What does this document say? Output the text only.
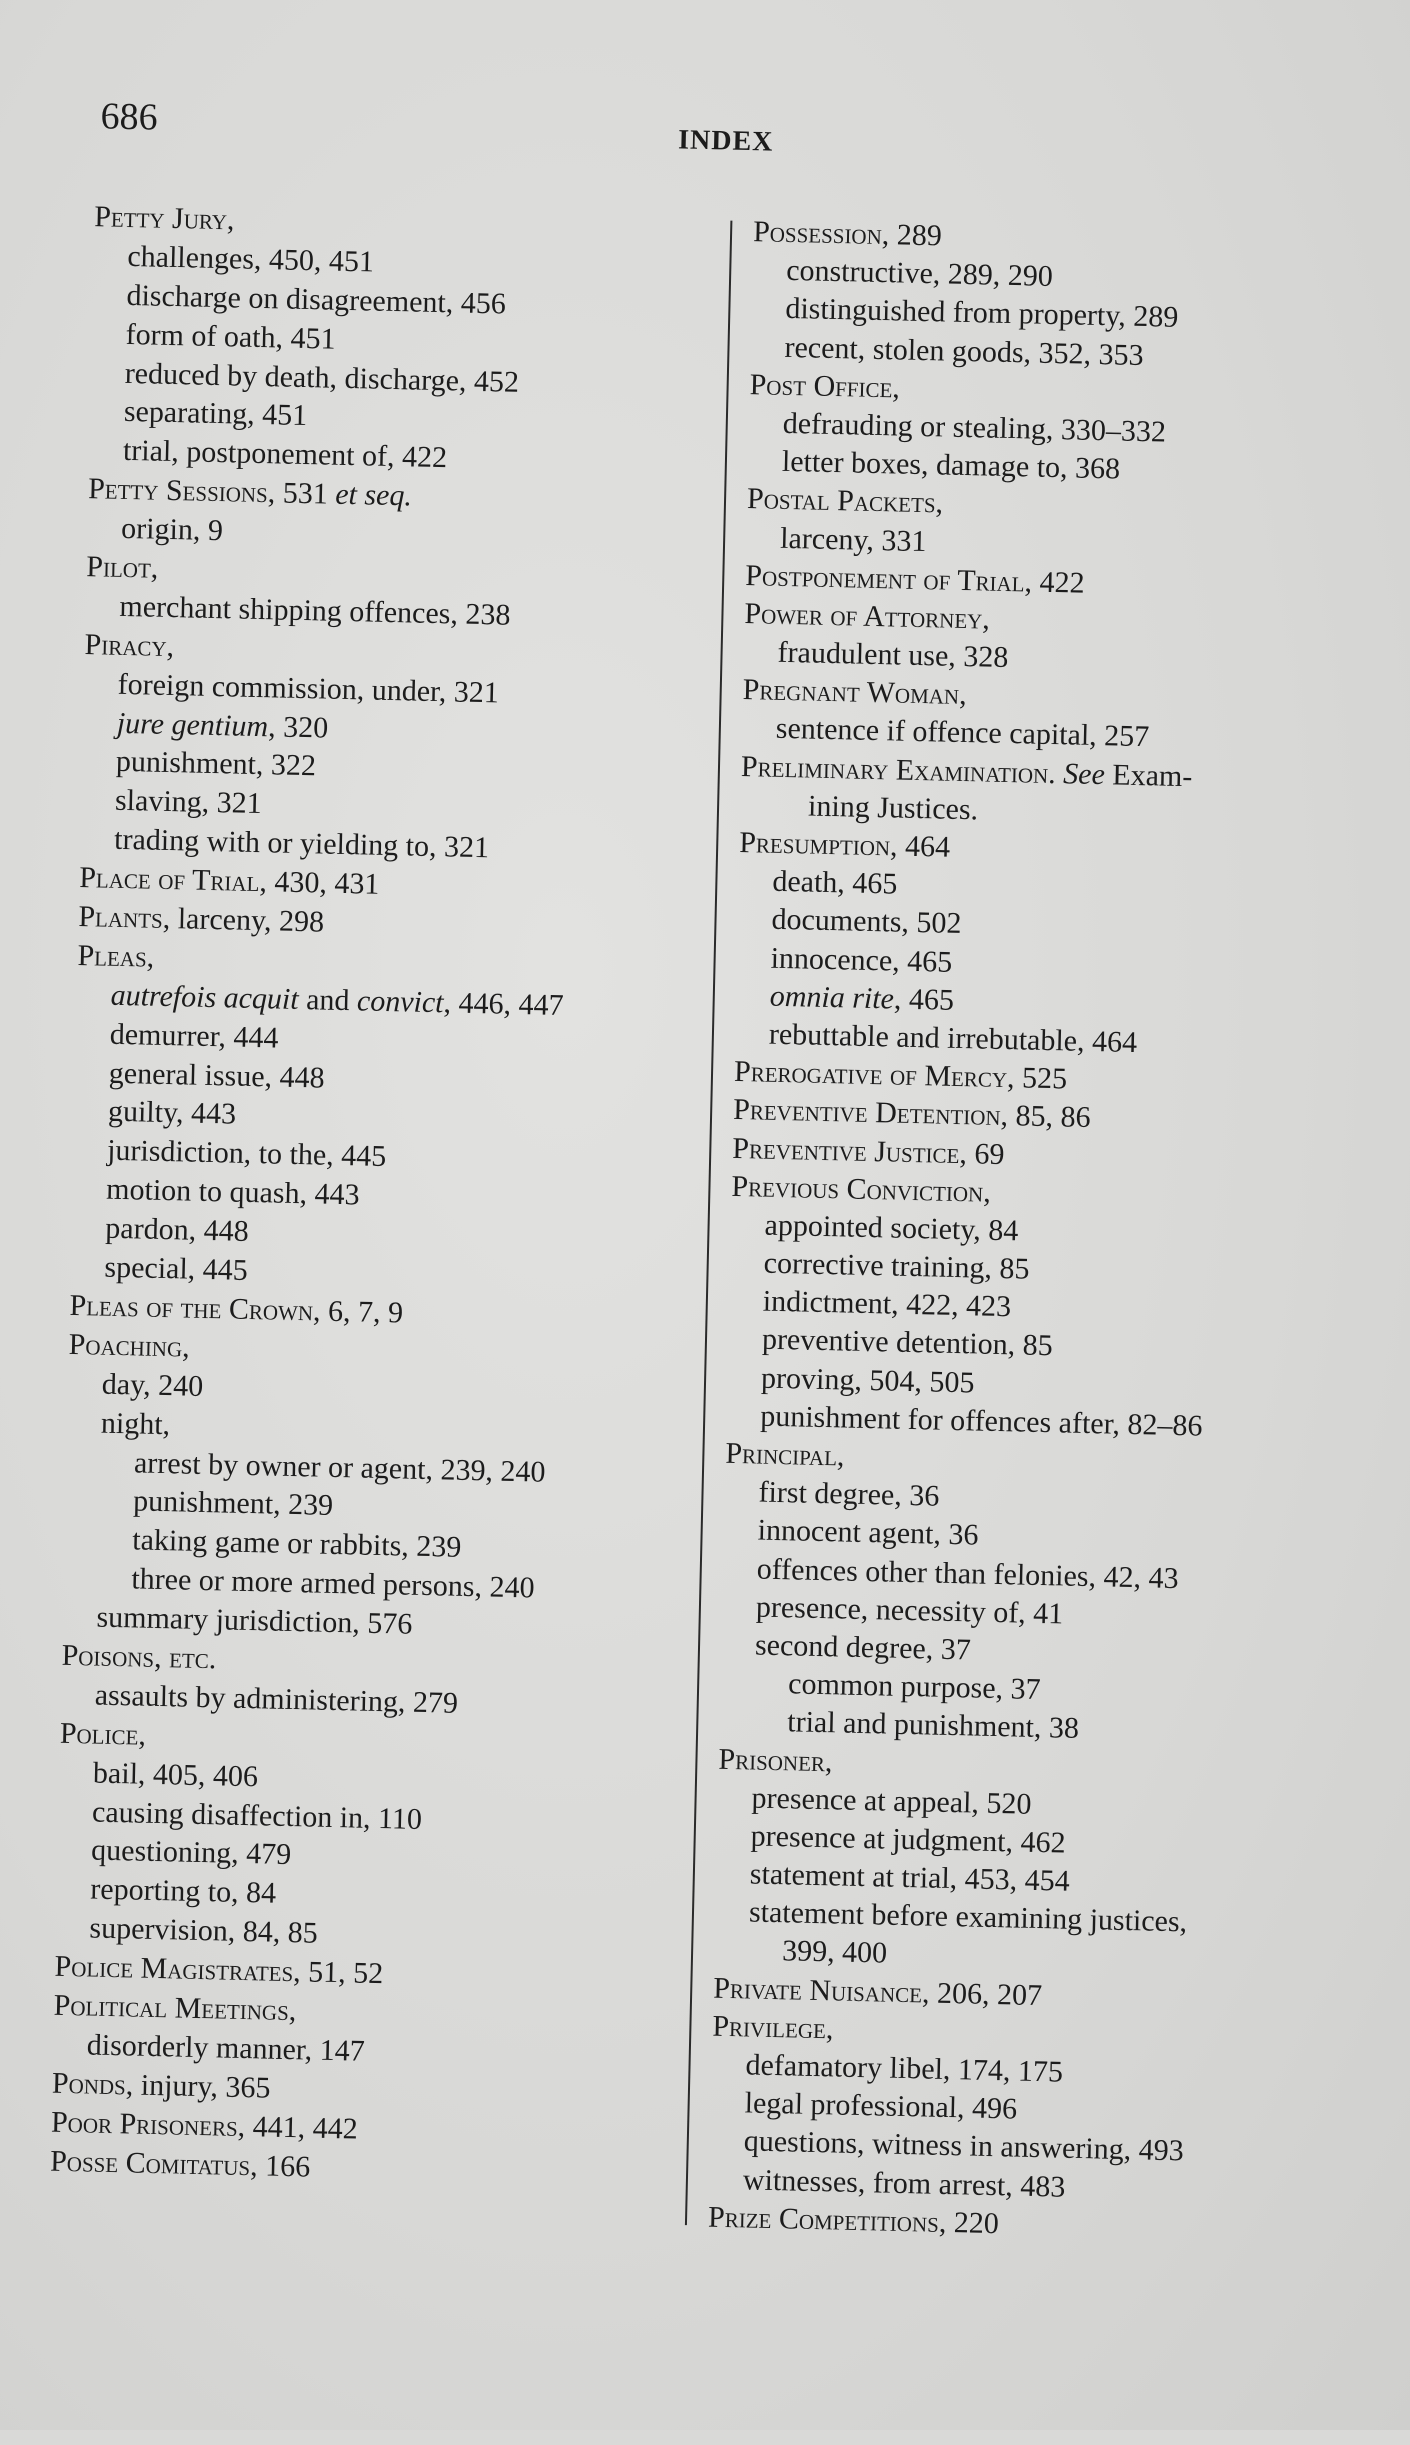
686
INDEX
Petty Jury,
challenges, 450, 451
discharge on disagreement, 456
form of oath, 451
reduced by death, discharge, 452
separating, 451
trial, postponement of, 422
Petty Sessions, 531 et seq.
origin, 9
Pilot,
merchant shipping offences, 238
Piracy,
foreign commission, under, 321
jure gentium, 320
punishment, 322
slaving, 321
trading with or yielding to, 321
Place of Trial, 430, 431
Plants, larceny, 298
Pleas,
autrefois acquit and convict, 446, 447
demurrer, 444
general issue, 448
guilty, 443
jurisdiction, to the, 445
motion to quash, 443
pardon, 448
special, 445
Pleas of the Crown, 6, 7, 9
Poaching,
day, 240
night,
arrest by owner or agent, 239, 240
punishment, 239
taking game or rabbits, 239
three or more armed persons, 240
summary jurisdiction, 576
Poisons, etc.
assaults by administering, 279
Police,
bail, 405, 406
causing disaffection in, 110
questioning, 479
reporting to, 84
supervision, 84, 85
Police Magistrates, 51, 52
Political Meetings,
disorderly manner, 147
Ponds, injury, 365
Poor Prisoners, 441, 442
Posse Comitatus, 166
Possession, 289
constructive, 289, 290
distinguished from property, 289
recent, stolen goods, 352, 353
Post Office,
defrauding or stealing, 330–332
letter boxes, damage to, 368
Postal Packets,
larceny, 331
Postponement of Trial, 422
Power of Attorney,
fraudulent use, 328
Pregnant Woman,
sentence if offence capital, 257
Preliminary Examination. See Exam-
ining Justices.
Presumption, 464
death, 465
documents, 502
innocence, 465
omnia rite, 465
rebuttable and irrebutable, 464
Prerogative of Mercy, 525
Preventive Detention, 85, 86
Preventive Justice, 69
Previous Conviction,
appointed society, 84
corrective training, 85
indictment, 422, 423
preventive detention, 85
proving, 504, 505
punishment for offences after, 82–86
Principal,
first degree, 36
innocent agent, 36
offences other than felonies, 42, 43
presence, necessity of, 41
second degree, 37
common purpose, 37
trial and punishment, 38
Prisoner,
presence at appeal, 520
presence at judgment, 462
statement at trial, 453, 454
statement before examining justices,
399, 400
Private Nuisance, 206, 207
Privilege,
defamatory libel, 174, 175
legal professional, 496
questions, witness in answering, 493
witnesses, from arrest, 483
Prize Competitions, 220
